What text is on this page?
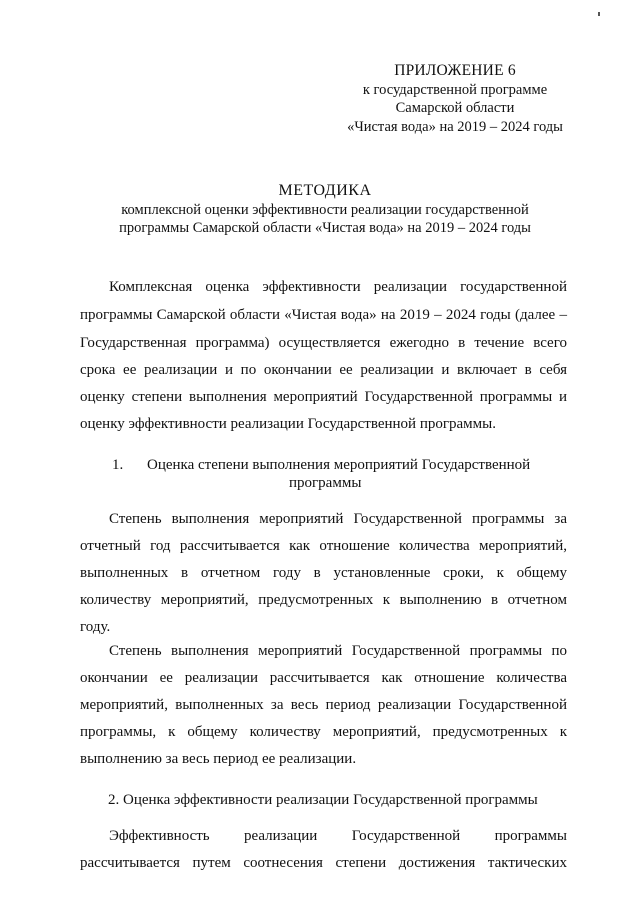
ПРИЛОЖЕНИЕ 6
к государственной программе
Самарской области
«Чистая вода» на 2019 – 2024 годы
МЕТОДИКА
комплексной оценки эффективности реализации государственной
программы Самарской области «Чистая вода» на 2019 – 2024 годы
Комплексная оценка эффективности реализации государственной
программы Самарской области «Чистая вода» на 2019 – 2024 годы (далее –
Государственная программа) осуществляется ежегодно в течение всего
срока ее реализации и по окончании ее реализации и включает в себя
оценку степени выполнения мероприятий Государственной программы и
оценку эффективности реализации Государственной программы.
1. Оценка степени выполнения мероприятий Государственной
программы
Степень выполнения мероприятий Государственной программы за
отчетный год рассчитывается как отношение количества мероприятий,
выполненных в отчетном году в установленные сроки, к общему
количеству мероприятий, предусмотренных к выполнению в отчетном
году.
Степень выполнения мероприятий Государственной программы по
окончании ее реализации рассчитывается как отношение количества
мероприятий, выполненных за весь период реализации Государственной
программы, к общему количеству мероприятий, предусмотренных к
выполнению за весь период ее реализации.
2. Оценка эффективности реализации Государственной программы
Эффективность реализации Государственной программы
рассчитывается путем соотнесения степени достижения тактических
